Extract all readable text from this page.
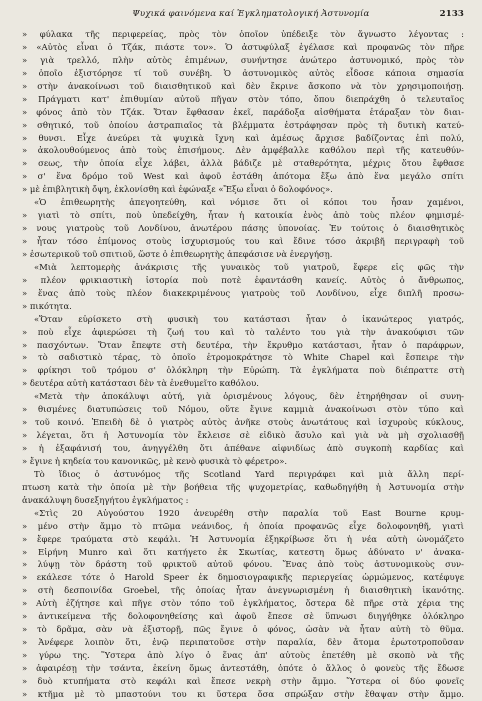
Ψυχικά φαινόμενα καί Ἐγκληματολογική Ἀστυνομία	2133
» φύλακα τῆς περιφερείας, πρὸς τὸν ὁποῖον ὑπέδειξε τὸν ἄγνωστο λέγοντας :
» «Αὐτὸς εἶναι ὁ Τζάκ, πιάστε τον». Ὁ ἀστυφύλαξ ἐγέλασε καὶ προφανῶς τὸν πῆρε
» γιὰ τρελλό, πλὴν αὐτὸς ἐπιμένων, συνήντησε ἀνώτερο ἀστυνομικό, πρὸς τὸν
» ὁποῖο ἐξιστόρησε τί τοῦ συνέβη. Ὁ ἀστυνομικὸς αὐτὸς εἶδοσε κάποια σημασία
» στὴν ἀνακοίνωσι τοῦ διαισθητικοῦ καὶ δὲν ἔκρινε ἄσκοπο νὰ τὸν χρησιμοποιήσῃ.
» Πράγματι κατ' ἐπιθυμίαν αὐτοῦ πῆγαν στὸν τόπο, ὅπου διεπράχθη ὁ τελευταῖος
» φόνος ἀπὸ τὸν Τζάκ. Ὅταν ἔφθασαν ἐκεῖ, παράδοξα αἰσθήματα ἐτάραξαν τὸν διαι-
» σθητικό, τοῦ ὁποίου ἀστραπιαῖος τὰ βλέμματα ἐστράφησαν πρὸς τὴ δυτικὴ κατεύ-
» θυνσι. Εἶχε ἀνεύρει τὰ ψυχικὰ ἴχνη καὶ ἀμέσως ἄρχισε βαδίζοντας ἐπὶ πολύ,
» ἀκολουθούμενος ἀπὸ τοὺς ἐπισήμους. Δὲν ἀμφέβαλλε καθόλου περὶ τῆς κατευθύν-
» σεως, τὴν ὁποία εἶχε λάβει, ἀλλὰ βάδιζε μὲ σταθερότητα, μέχρις ὅτου ἔφθασε
» σ' ἕνα δρόμο τοῦ West καὶ ἀφοῦ ἐστάθη ἀπότομα ἔξω ἀπὸ ἕνα μεγάλο σπίτι
» μὲ ἐπιβλητικὴ ὄψη, ἐκλονίσθη καὶ ἐφώναξε «Ἔξω εἶναι ὁ δολοφόνος».
«Ὁ ἐπιθεωρητὴς ἀπεγοητεύθη, καὶ νόμισε ὅτι οἱ κόποι του ἦσαν χαμένοι,
» γιατὶ τὸ σπίτι, ποὺ ὑπεδείχθη, ἦταν ἡ κατοικία ἑνὸς ἀπὸ τοὺς πλέον φημισμέ-
» νους γιατροὺς τοῦ Λονδίνου, ἀνωτέρου πάσης ὑπονοίας. Ἐν τούτοις ὁ διαισθητικὸς
» ἦταν τόσο ἐπίμονος στοὺς ἰσχυρισμούς του καὶ ἔδινε τόσο ἀκριβῆ περιγραφὴ τοῦ
» ἐσωτερικοῦ τοῦ σπιτιοῦ, ὥστε ὁ ἐπιθεωρητὴς ἀπεφάσισε νὰ ἐνεργήσῃ.
«Μιὰ λεπτομερὴς ἀνάκρισις τῆς γυναικὸς τοῦ γιατροῦ, ἔφερε εἰς φῶς τὴν
» πλέον φρικιαστικὴ ἱστορία ποὺ ποτὲ ἐφαντάσθη κανείς. Αὐτὸς ὁ ἄνθρωπος,
» ἕνας ἀπὸ τοὺς πλέον διακεκριμένους γιατροὺς τοῦ Λονδίνου, εἶχε διπλῆ προσω-
» πικότητα.
«Ὅταν εὑρίσκετο στὴ φυσικὴ του κατάστασι ἦταν ὁ ἱκανώτερος γιατρός,
» ποὺ εἶχε ἀφιερώσει τὴ ζωή του καὶ τὸ ταλέντο του γιὰ τὴν ἀνακούφισι τῶν
» πασχόντων. Ὅταν ἔπεφτε στὴ δευτέρα, τὴν ἔκρυθμο κατάστασι, ἦταν ὁ παράφρων,
» τὸ σαδιστικὸ τέρας, τὸ ὁποῖο ἐτρομοκράτησε τὸ White Chapel καὶ ἔσπειρε τὴν
» φρίκησι τοῦ τρόμου σ' ὁλόκληρη τὴν Εὐρώπη. Τὰ ἐγκλήματα ποὺ διέπραττε στὴ
» δευτέρα αὐτὴ κατάστασι δὲν τὰ ἐνεθυμεῖτο καθόλου.
«Μετὰ τὴν ἀποκάλυψι αὐτή, γιὰ ὁρισμένους λόγους, δὲν ἐτηρήθησαν οἱ συνη-
» θισμένες διατυπώσεις τοῦ Νόμου, οὔτε ἔγινε καμμιὰ ἀνακοίνωσι στὸν τύπο καὶ
» τοῦ κοινό. Ἐπειδὴ δὲ ὁ γιατρὸς αὐτὸς ἀνῆκε στοὺς ἀνωτάτους καὶ ἰσχυροὺς κύκλους,
» λέγεται, ὅτι ἡ Ἀστυνομία τὸν ἔκλεισε σὲ εἰδικὸ ἄσυλο καὶ γιὰ νὰ μὴ σχολιασθῇ
» ἡ ἐξαφάνισή του, ἀνηγγέλθη ὅτι ἀπέθανε αἰφνιδίως ἀπὸ συγκοπὴ καρδίας καὶ
» ἔγινε ἡ κηδεία του κανονικῶς, μὲ κενὸ φυσικὰ τὸ φέρετρο».
Τὸ ἴδιος ὁ ἀστυνόμος τῆς Scotland Yard περιγράφει καὶ μιὰ ἄλλη περί-
πτωση κατὰ τὴν ὁποία μὲ τὴν βοήθεια τῆς ψυχομετρίας, καθωδηγήθη ἡ Ἀστυνομία στὴν
ἀνακάλυψη δυσεξηγήτου ἐγκλήματος :
«Στὶς 20 Αὐγούστου 1920 ἀνευρέθη στὴν παραλία τοῦ East Bourne κρυμ-
» μένο στὴν ἄμμο τὸ πτῶμα νεάνιδος, ἡ ὁποία προφανῶς εἶχε δολοφονηθῆ, γιατὶ
» ἔφερε τραύματα στὸ κεφάλι. Ἡ Ἀστυνομία ἐξηκρίβωσε ὅτι ἡ νέα αὐτὴ ὠνομάζετο
» Εἰρήνη Munro καὶ ὅτι κατήγετο ἐκ Σκωτίας, κατεστη ὅμως ἀδύνατο ν' ἀνακα-
» λύψῃ τὸν δράστη τοῦ φρικτοῦ αὐτοῦ φόνου. Ἕνας ἀπὸ τοὺς ἀστυνομικοὺς συν-
» εκάλεσε τότε ὁ Harold Speer ἐκ δημοσιογραφικῆς περιεργείας ὡρμώμενος, κατέφυγε
» στὴ δεσποινίδα Groebel, τῆς ὁποίας ἦταν ἀνεγνωρισμένη ἡ διαισθητικὴ ἱκανότης.
» Αὐτὴ ἐζήτησε καὶ πῆγε στὸν τόπο τοῦ ἐγκλήματος, ὅστερα δὲ πῆρε στὰ χέρια της
» ἀντικείμενα τῆς δολοφονηθείσης καὶ ἀφοῦ ἔπεσε σὲ ὕπνωσι διηγήθηκε ὁλόκληρο
» τὸ δρᾶμα, σὰν νὰ ἐξιστορῇ, πῶς ἔγινε ὁ φόνος, ὡσὰν νὰ ἦταν αὐτὴ τὸ θῦμα.
» Ἀνέφερε λοιπὸν ὅτι, ἐνῷ περιπατοῦσε στὴν παραλία, δὲν ἄτομα ἐρωτοτροποῦσαν
» γύρω της. Ὕστερα ἀπὸ λίγο ὁ ἕνας ἀπ' αὐτοὺς ἐπετέθη μὲ σκοπὸ νὰ τῆς
» ἀφαιρέσῃ τὴν τσάντα, ἐκείνη ὅμως ἀντεστάθη, ὁπότε ὁ ἄλλος ὁ φονεὺς τῆς ἔδωσε
» δυὸ κτυπήματα στὸ κεφάλι καὶ ἔπεσε νεκρὴ στὴν ἄμμο. Ὕστερα οἱ δύο φονεῖς
» κτῆμα μὲ τὸ μπαστούνι του κι ὕστερα ὅσα σπρώξαν στὴν ἔθαψαν στὴν ἄμμο.
